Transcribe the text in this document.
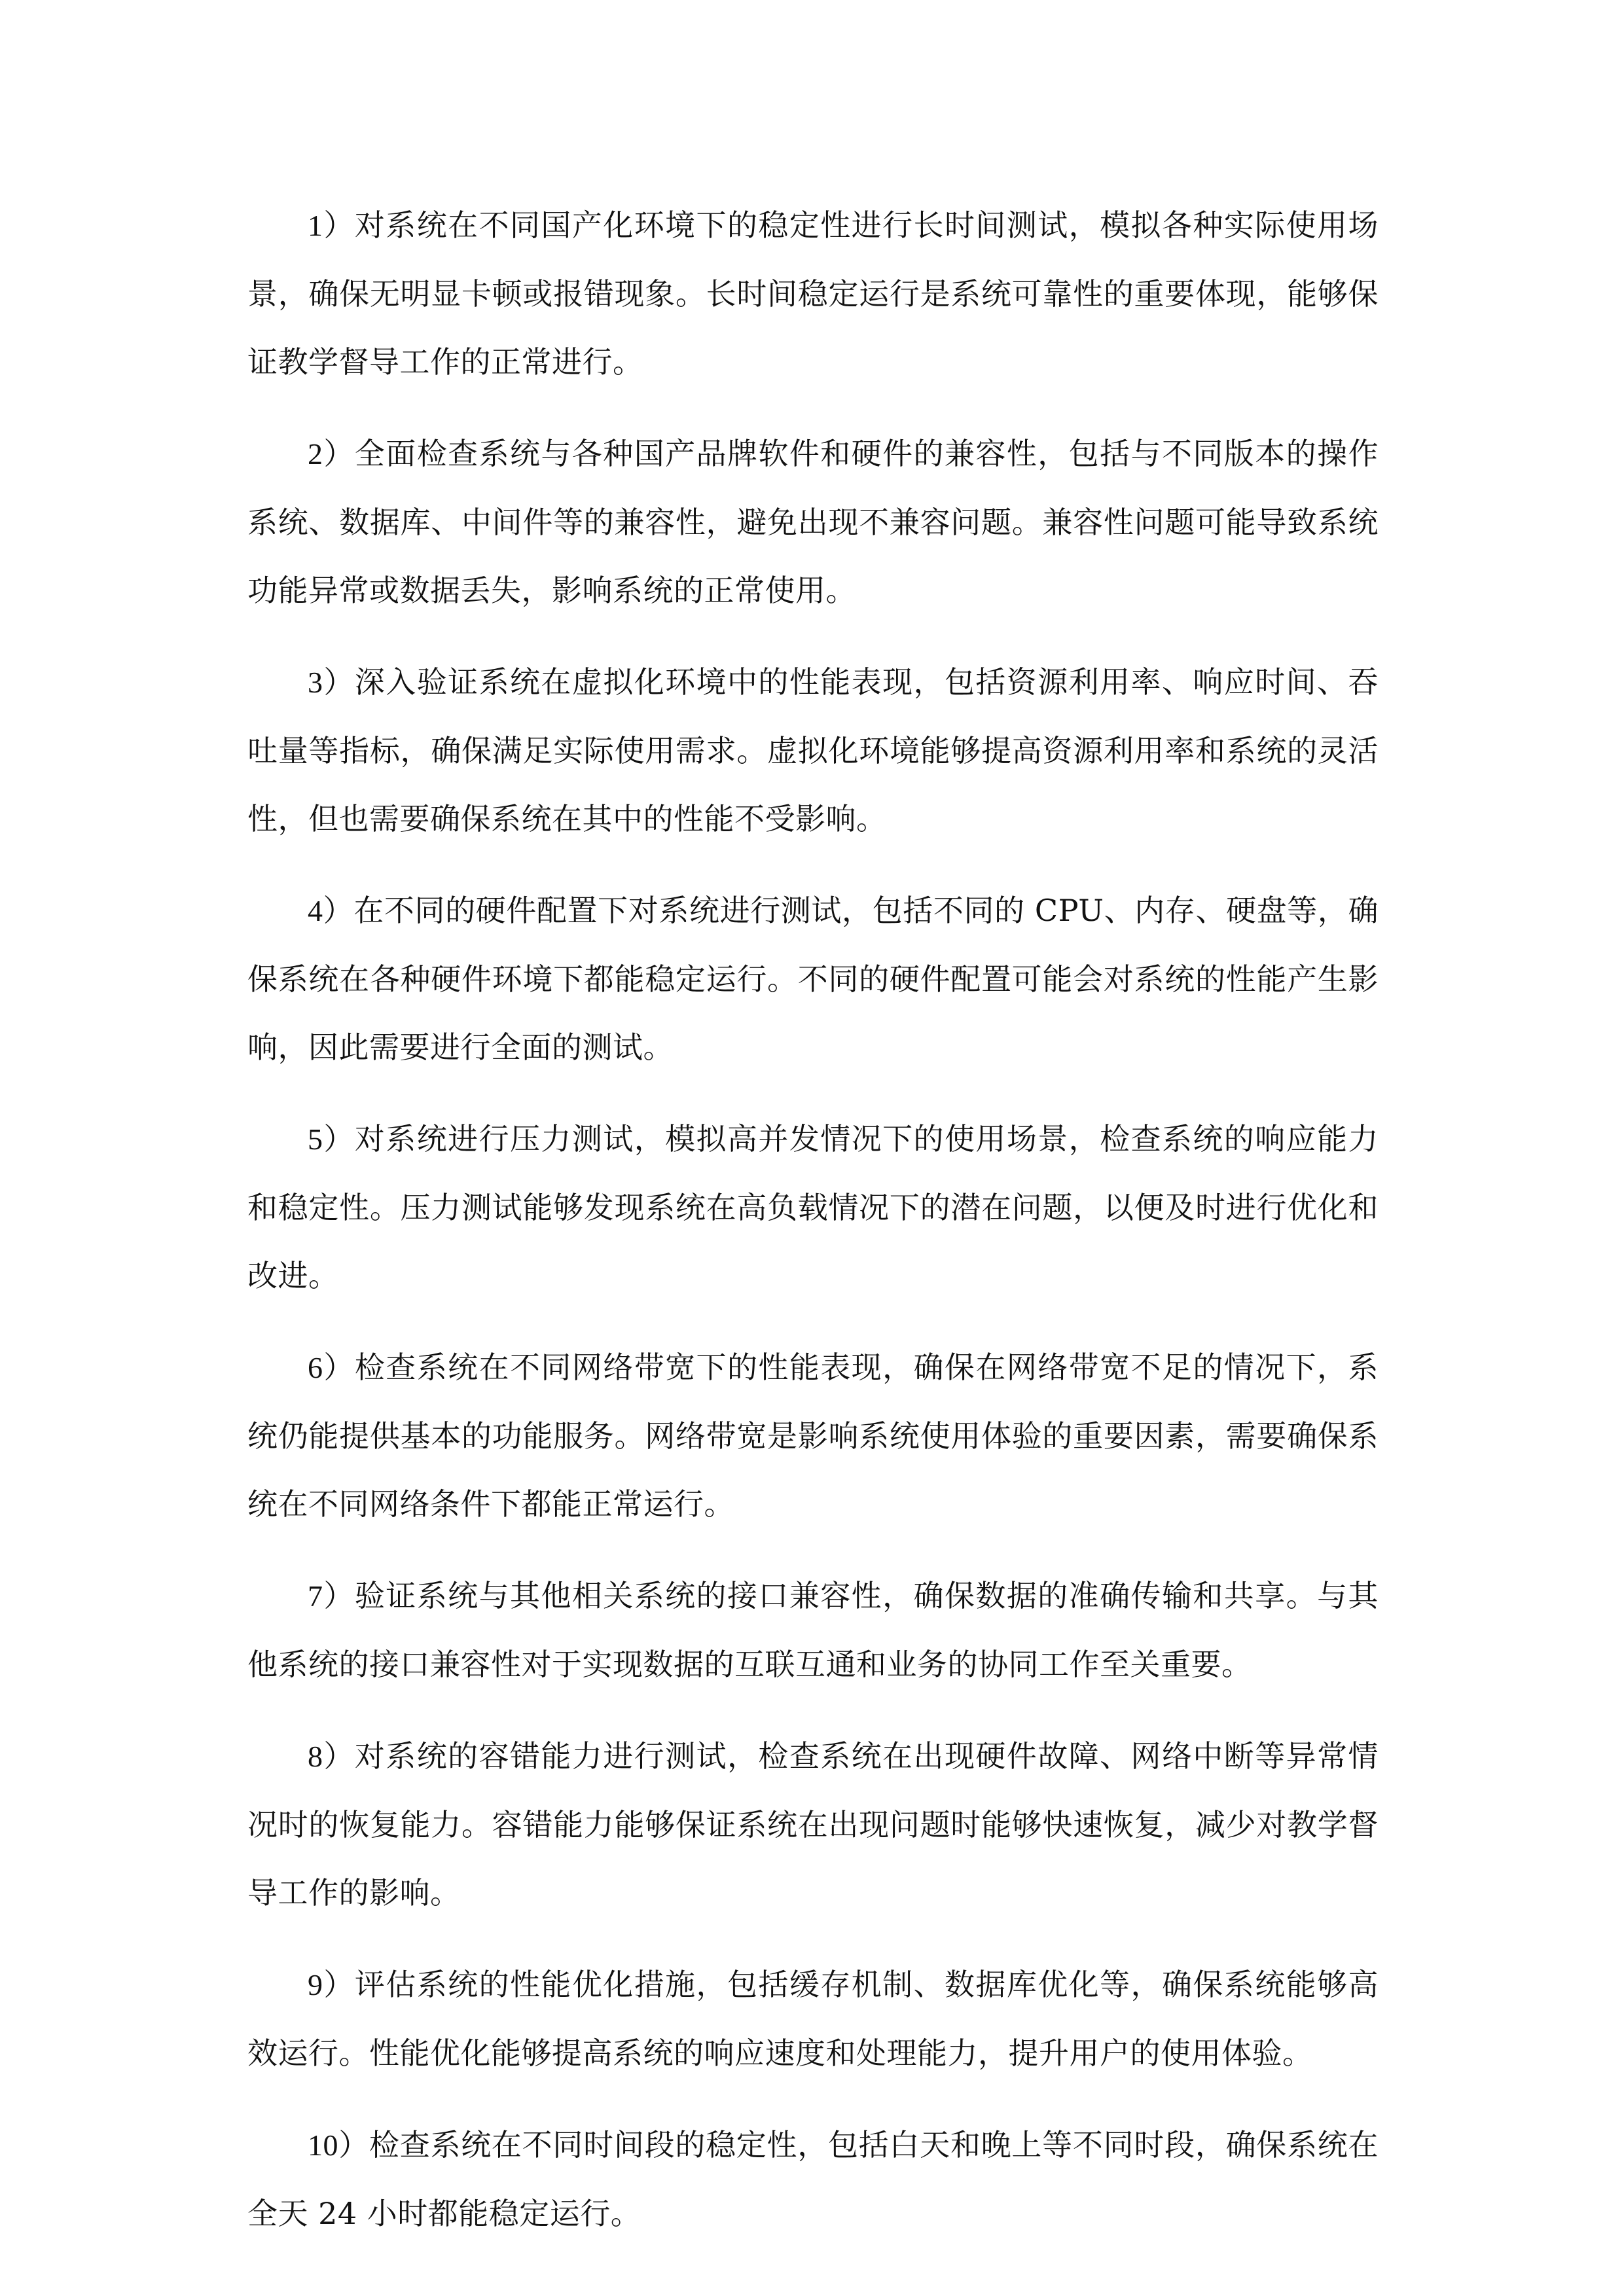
1）对系统在不同国产化环境下的稳定性进行长时间测试，模拟各种实际使用场景，确保无明显卡顿或报错现象。长时间稳定运行是系统可靠性的重要体现，能够保证教学督导工作的正常进行。

2）全面检查系统与各种国产品牌软件和硬件的兼容性，包括与不同版本的操作系统、数据库、中间件等的兼容性，避免出现不兼容问题。兼容性问题可能导致系统功能异常或数据丢失，影响系统的正常使用。

3）深入验证系统在虚拟化环境中的性能表现，包括资源利用率、响应时间、吞吐量等指标，确保满足实际使用需求。虚拟化环境能够提高资源利用率和系统的灵活性，但也需要确保系统在其中的性能不受影响。

4）在不同的硬件配置下对系统进行测试，包括不同的 CPU、内存、硬盘等，确保系统在各种硬件环境下都能稳定运行。不同的硬件配置可能会对系统的性能产生影响，因此需要进行全面的测试。

5）对系统进行压力测试，模拟高并发情况下的使用场景，检查系统的响应能力和稳定性。压力测试能够发现系统在高负载情况下的潜在问题，以便及时进行优化和改进。

6）检查系统在不同网络带宽下的性能表现，确保在网络带宽不足的情况下，系统仍能提供基本的功能服务。网络带宽是影响系统使用体验的重要因素，需要确保系统在不同网络条件下都能正常运行。

7）验证系统与其他相关系统的接口兼容性，确保数据的准确传输和共享。与其他系统的接口兼容性对于实现数据的互联互通和业务的协同工作至关重要。

8）对系统的容错能力进行测试，检查系统在出现硬件故障、网络中断等异常情况时的恢复能力。容错能力能够保证系统在出现问题时能够快速恢复，减少对教学督导工作的影响。

9）评估系统的性能优化措施，包括缓存机制、数据库优化等，确保系统能够高效运行。性能优化能够提高系统的响应速度和处理能力，提升用户的使用体验。

10）检查系统在不同时间段的稳定性，包括白天和晚上等不同时段，确保系统在全天 24 小时都能稳定运行。
